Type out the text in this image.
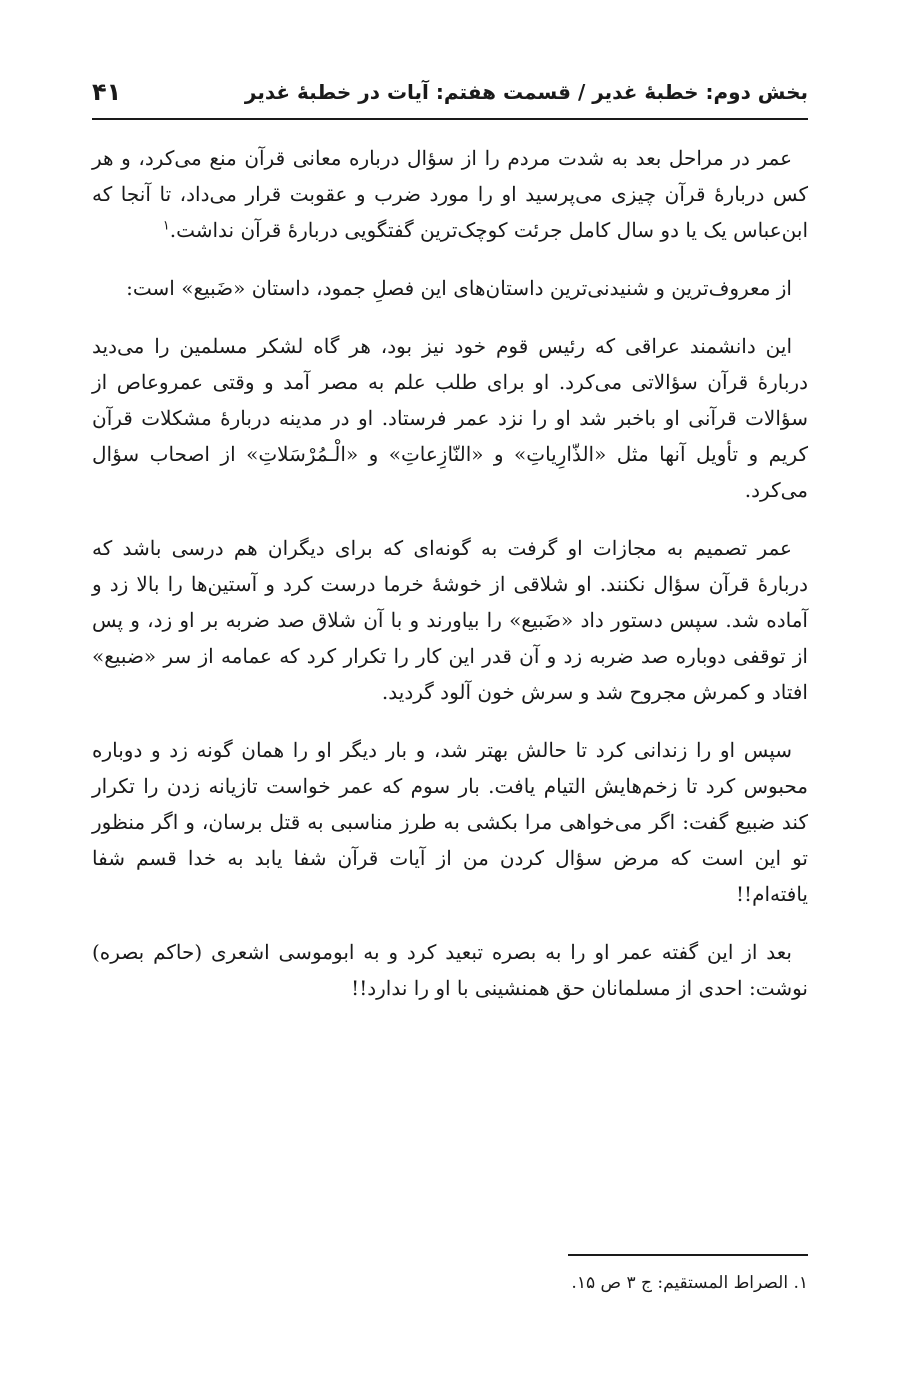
بخش دوم: خطبهٔ غدیر / قسمت هفتم: آیات در خطبهٔ غدیر
۴۱

عمر در مراحل بعد به شدت مردم را از سؤال درباره معانی قرآن منع می‌کرد، و هر کس دربارهٔ قرآن چیزی می‌پرسید او را مورد ضرب و عقوبت قرار می‌داد، تا آنجا که ابن‌عباس یک یا دو سال کامل جرئت کوچک‌ترین گفتگویی دربارهٔ قرآن نداشت.$^۱$

از معروف‌ترین و شنیدنی‌ترین داستان‌های این فصلِ جمود، داستان «ضَبیع» است:

این دانشمند عراقی که رئیس قوم خود نیز بود، هر گاه لشکر مسلمین را می‌دید دربارهٔ قرآن سؤالاتی می‌کرد. او برای طلب علم به مصر آمد و وقتی عمروعاص از سؤالات قرآنی او باخبر شد او را نزد عمر فرستاد. او در مدینه دربارهٔ مشکلات قرآن کریم و تأویل آنها مثل «الذّارِیاتِ» و «النّازِعاتِ» و «الْـمُرْسَلاتِ» از اصحاب سؤال می‌کرد.

عمر تصمیم به مجازات او گرفت به گونه‌ای که برای دیگران هم درسی باشد که دربارهٔ قرآن سؤال نکنند. او شلاقی از خوشهٔ خرما درست کرد و آستین‌ها را بالا زد و آماده شد. سپس دستور داد «ضَبیع» را بیاورند و با آن شلاق صد ضربه بر او زد، و پس از توقفی دوباره صد ضربه زد و آن قدر این کار را تکرار کرد که عمامه از سر «ضبیع» افتاد و کمرش مجروح شد و سرش خون آلود گردید.

سپس او را زندانی کرد تا حالش بهتر شد، و بار دیگر او را همان گونه زد و دوباره محبوس کرد تا زخم‌هایش التیام یافت. بار سوم که عمر خواست تازیانه زدن را تکرار کند ضبیع گفت: اگر می‌خواهی مرا بکشی به طرز مناسبی به قتل برسان، و اگر منظور تو این است که مرض سؤال کردن من از آیات قرآن شفا یابد به خدا قسم شفا یافته‌ام!!

بعد از این گفته عمر او را به بصره تبعید کرد و به ابوموسی اشعری (حاکم بصره) نوشت: احدی از مسلمانان حق همنشینی با او را ندارد!!

۱. الصراط المستقیم: ج ۳ ص ۱۵.
